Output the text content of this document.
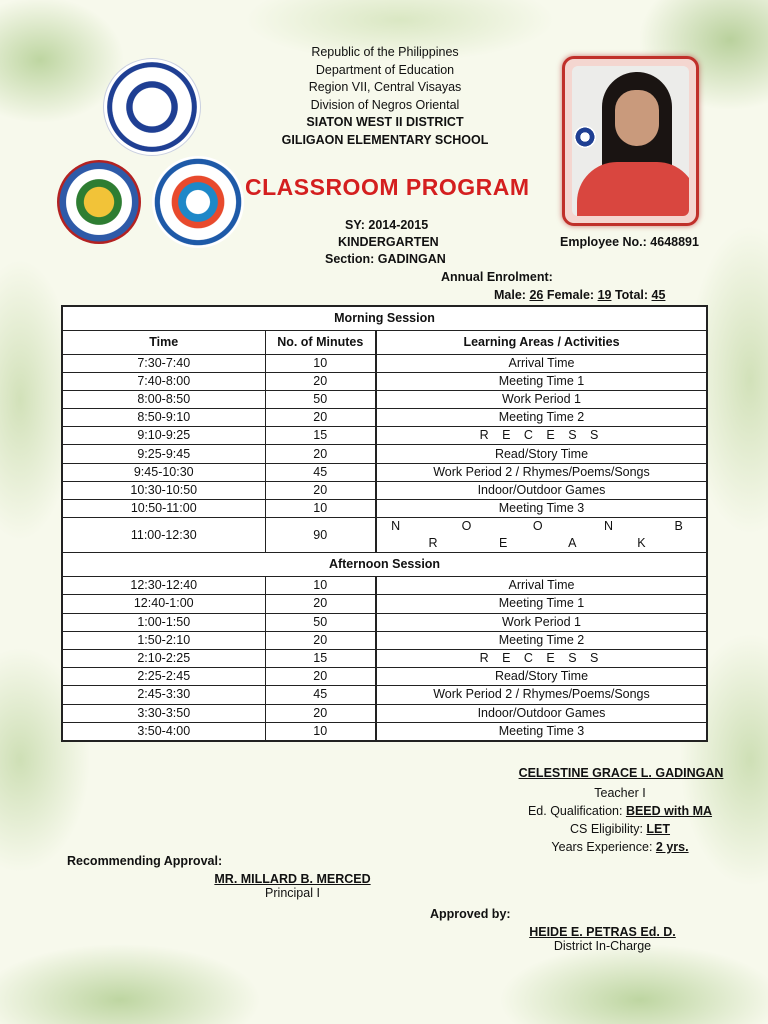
Republic of the Philippines
Department of Education
Region VII, Central Visayas
Division of Negros Oriental
SIATON WEST II DISTRICT
GILIGAON ELEMENTARY SCHOOL
CLASSROOM PROGRAM
SY: 2014-2015
KINDERGARTEN
Section: GADINGAN
Employee No.: 4648891
Annual Enrolment:
Male: 26 Female: 19 Total: 45
Morning Session		
Time	No. of Minutes	Learning Areas / Activities
7:30-7:40	10	Arrival Time
7:40-8:00	20	Meeting Time 1
8:00-8:50	50	Work Period 1
8:50-9:10	20	Meeting Time 2
9:10-9:25	15	R E C E S S
9:25-9:45	20	Read/Story Time
9:45-10:30	45	Work Period 2 / Rhymes/Poems/Songs
10:30-10:50	20	Indoor/Outdoor Games
10:50-11:00	10	Meeting Time 3
11:00-12:30	90	N O O N B R E A K
Afternoon Session		
12:30-12:40	10	Arrival Time
12:40-1:00	20	Meeting Time 1
1:00-1:50	50	Work Period 1
1:50-2:10	20	Meeting Time 2
2:10-2:25	15	R E C E S S
2:25-2:45	20	Read/Story Time
2:45-3:30	45	Work Period 2 / Rhymes/Poems/Songs
3:30-3:50	20	Indoor/Outdoor Games
3:50-4:00	10	Meeting Time 3
CELESTINE GRACE L. GADINGAN
Teacher I
Ed. Qualification: BEED with MA
CS Eligibility: LET
Years Experience: 2 yrs.
Recommending Approval:
MR. MILLARD B. MERCED
Principal I
Approved by:
HEIDE E. PETRAS Ed. D.
District In-Charge
